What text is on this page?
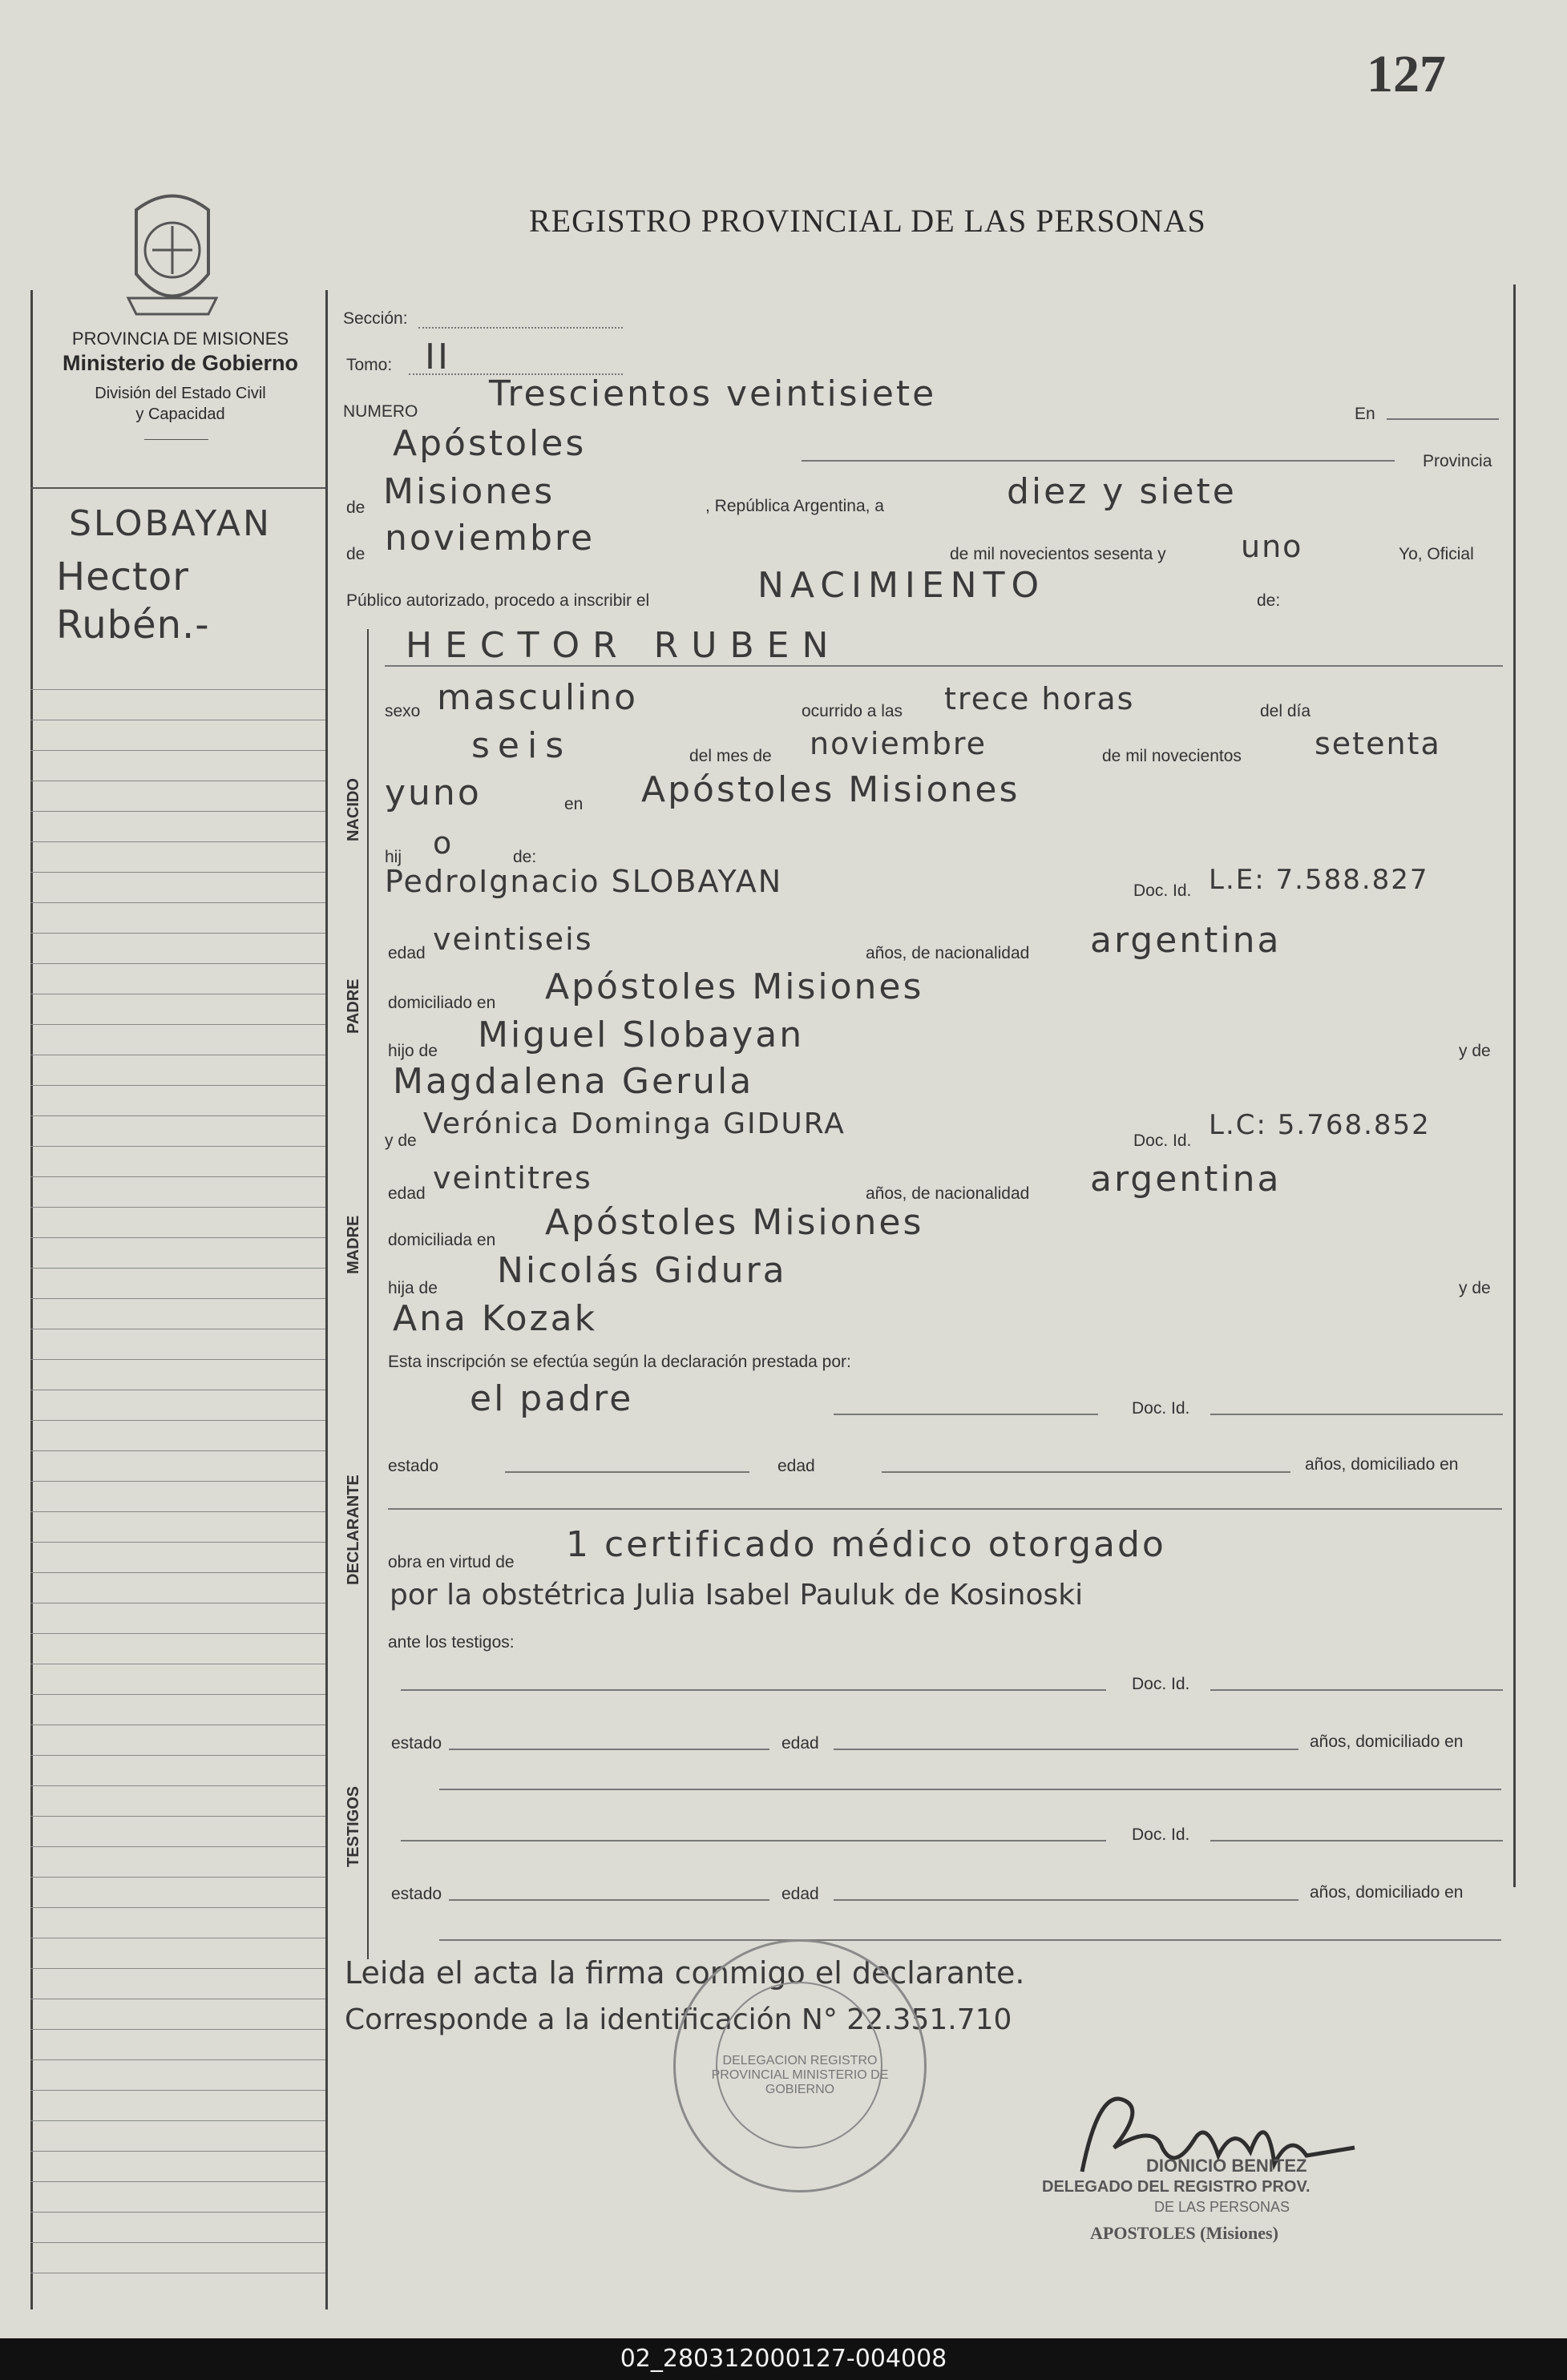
127
REGISTRO PROVINCIAL DE LAS PERSONAS
PROVINCIA DE MISIONES
Ministerio de Gobierno
División del Estado Civil
y Capacidad
SLOBAYAN
Hector
Rubén.-
Sección:
Tomo: II
NUMERO Trescientos veintisiete	En
Apóstoles	Provincia
de Misiones	, República Argentina, a	diez y siete
de noviembre	de mil novecientos sesenta y uno	Yo, Oficial
Público autorizado, procedo a inscribir el	NACIMIENTO	de:
NACIDO
HECTOR RUBEN
sexo masculino	ocurrido a las trece horas	del día
seis	del mes de noviembre	de mil novecientos setenta
yuno	en Apóstoles Misiones
hij o	de:
PADRE
PedroIgnacio SLOBAYAN	Doc. Id. L.E: 7.588.827
edad veintiseis	años, de nacionalidad argentina
domiciliado en Apóstoles Misiones
hijo de Miguel Slobayan	y de
Magdalena Gerula
y de
Verónica Dominga GIDURA
Doc. Id. L.C: 5.768.852
MADRE
edad veintitres	años, de nacionalidad argentina
domiciliada en Apóstoles Misiones
hija de Nicolás Gidura	y de
Ana Kozak
Esta inscripción se efectúa según la declaración prestada por:
DECLARANTE
el padre	Doc. Id.
estado	edad	años, domiciliado en
obra en virtud de 1 certificado médico otorgado
por la obstétrica Julia Isabel Pauluk de Kosinoski
ante los testigos:
TESTIGOS
Doc. Id.
estado	edad	años, domiciliado en
Doc. Id.
estado	edad	años, domiciliado en
Leida el acta la firma conmigo el declarante.
Corresponde a la identificación N° 22.351.710
DELEGACION REGISTRO PROVINCIAL MINISTERIO DE GOBIERNO
DIONICIO BENITEZ
DELEGADO DEL REGISTRO PROV.
DE LAS PERSONAS
APOSTOLES (Misiones)
02_280312000127-004008
